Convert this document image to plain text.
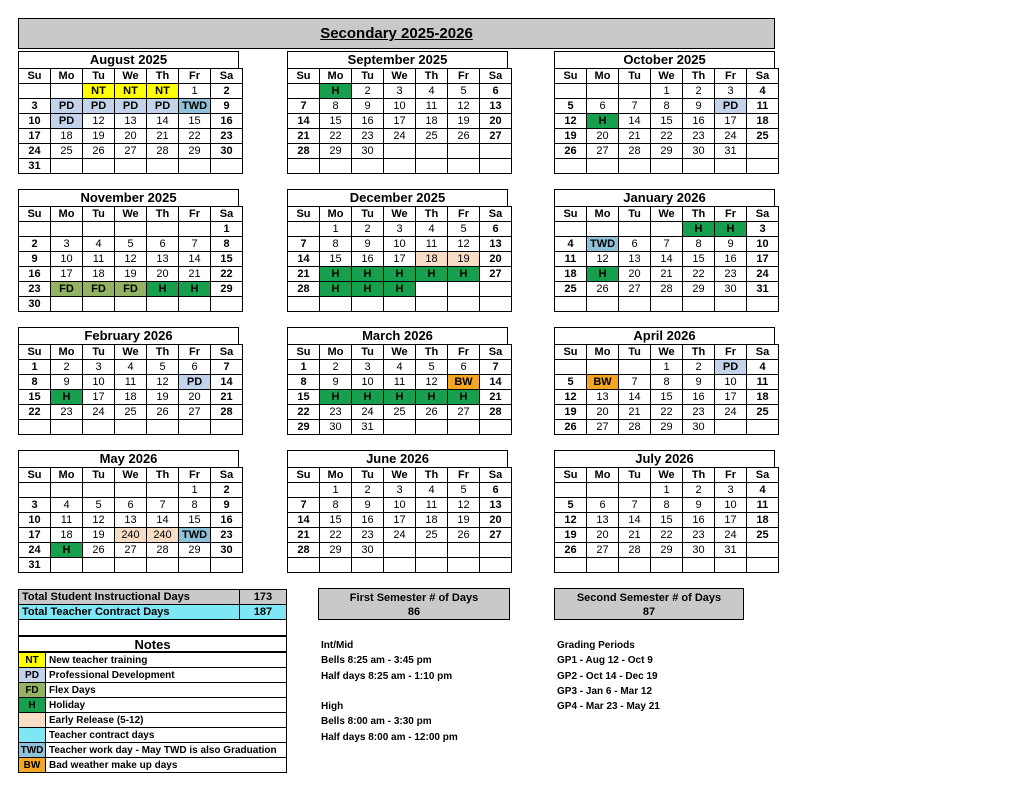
Secondary 2025-2026
August 2025
Su	Mo	Tu	We	Th	Fr	Sa
		NT	NT	NT	1	2
3	PD	PD	PD	PD	TWD	9
10	PD	12	13	14	15	16
17	18	19	20	21	22	23
24	25	26	27	28	29	30
31						
September 2025
Su	Mo	Tu	We	Th	Fr	Sa
	H	2	3	4	5	6
7	8	9	10	11	12	13
14	15	16	17	18	19	20
21	22	23	24	25	26	27
28	29	30				

October 2025
Su	Mo	Tu	We	Th	Fr	Sa
			1	2	3	4
5	6	7	8	9	PD	11
12	H	14	15	16	17	18
19	20	21	22	23	24	25
26	27	28	29	30	31	

November 2025
Su	Mo	Tu	We	Th	Fr	Sa
						1
2	3	4	5	6	7	8
9	10	11	12	13	14	15
16	17	18	19	20	21	22
23	FD	FD	FD	H	H	29
30						
December 2025
Su	Mo	Tu	We	Th	Fr	Sa
	1	2	3	4	5	6
7	8	9	10	11	12	13
14	15	16	17	18	19	20
21	H	H	H	H	H	27
28	H	H	H			

January 2026
Su	Mo	Tu	We	Th	Fr	Sa
				H	H	3
4	TWD	6	7	8	9	10
11	12	13	14	15	16	17
18	H	20	21	22	23	24
25	26	27	28	29	30	31

February 2026
Su	Mo	Tu	We	Th	Fr	Sa
1	2	3	4	5	6	7
8	9	10	11	12	PD	14
15	H	17	18	19	20	21
22	23	24	25	26	27	28

March 2026
Su	Mo	Tu	We	Th	Fr	Sa
1	2	3	4	5	6	7
8	9	10	11	12	BW	14
15	H	H	H	H	H	21
22	23	24	25	26	27	28
29	30	31				
April 2026
Su	Mo	Tu	We	Th	Fr	Sa
			1	2	PD	4
5	BW	7	8	9	10	11
12	13	14	15	16	17	18
19	20	21	22	23	24	25
26	27	28	29	30		
May 2026
Su	Mo	Tu	We	Th	Fr	Sa
					1	2
3	4	5	6	7	8	9
10	11	12	13	14	15	16
17	18	19	240	240	TWD	23
24	H	26	27	28	29	30
31						
June 2026
Su	Mo	Tu	We	Th	Fr	Sa
	1	2	3	4	5	6
7	8	9	10	11	12	13
14	15	16	17	18	19	20
21	22	23	24	25	26	27
28	29	30				

July 2026
Su	Mo	Tu	We	Th	Fr	Sa
			1	2	3	4
5	6	7	8	9	10	11
12	13	14	15	16	17	18
19	20	21	22	23	24	25
26	27	28	29	30	31	

Total Student Instructional Days	173
Total Teacher Contract Days	187
Notes
NT	New teacher training
PD	Professional Development
FD	Flex Days
H	Holiday
	Early Release (5-12)
	Teacher contract days
TWD	Teacher work day - May TWD is also Graduation
BW	Bad weather make up days
First Semester # of Days
86
Second Semester # of Days
87
Int/Mid
Bells 8:25 am - 3:45 pm
Half days 8:25 am - 1:10 pm
High
Bells 8:00 am - 3:30 pm
Half days 8:00 am - 12:00 pm
Grading Periods
GP1 - Aug 12 - Oct 9
GP2 - Oct 14 - Dec 19
GP3 - Jan 6 - Mar 12
GP4 - Mar 23 - May 21
